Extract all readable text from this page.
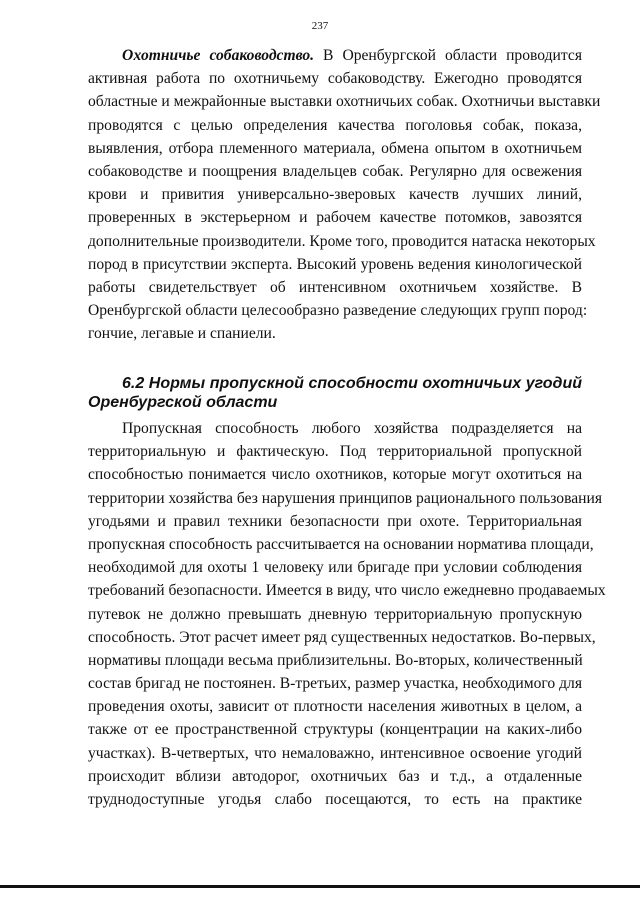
237
Охотничье собаководство. В Оренбургской области проводится
активная работа по охотничьему собаководству. Ежегодно проводятся
областные и межрайонные выставки охотничьих собак. Охотничьи выставки
проводятся с целью определения качества поголовья собак, показа,
выявления, отбора племенного материала, обмена опытом в охотничьем
собаководстве и поощрения владельцев собак. Регулярно для освежения
крови и привития универсально-зверовых качеств лучших линий,
проверенных в экстерьерном и рабочем качестве потомков, завозятся
дополнительные производители. Кроме того, проводится натаска некоторых
пород в присутствии эксперта. Высокий уровень ведения кинологической
работы свидетельствует об интенсивном охотничьем хозяйстве. В
Оренбургской области целесообразно разведение следующих групп пород:
гончие, легавые и спаниели.
6.2 Нормы пропускной способности охотничьих угодий
Оренбургской области
Пропускная способность любого хозяйства подразделяется на
территориальную и фактическую. Под территориальной пропускной
способностью понимается число охотников, которые могут охотиться на
территории хозяйства без нарушения принципов рационального пользования
угодьями и правил техники безопасности при охоте. Территориальная
пропускная способность рассчитывается на основании норматива площади,
необходимой для охоты 1 человеку или бригаде при условии соблюдения
требований безопасности. Имеется в виду, что число ежедневно продаваемых
путевок не должно превышать дневную территориальную пропускную
способность. Этот расчет имеет ряд существенных недостатков. Во-первых,
нормативы площади весьма приблизительны. Во-вторых, количественный
состав бригад не постоянен. В-третьих, размер участка, необходимого для
проведения охоты, зависит от плотности населения животных в целом, а
также от ее пространственной структуры (концентрации на каких-либо
участках). В-четвертых, что немаловажно, интенсивное освоение угодий
происходит вблизи автодорог, охотничьих баз и т.д., а отдаленные
труднодоступные угодья слабо посещаются, то есть на практике
